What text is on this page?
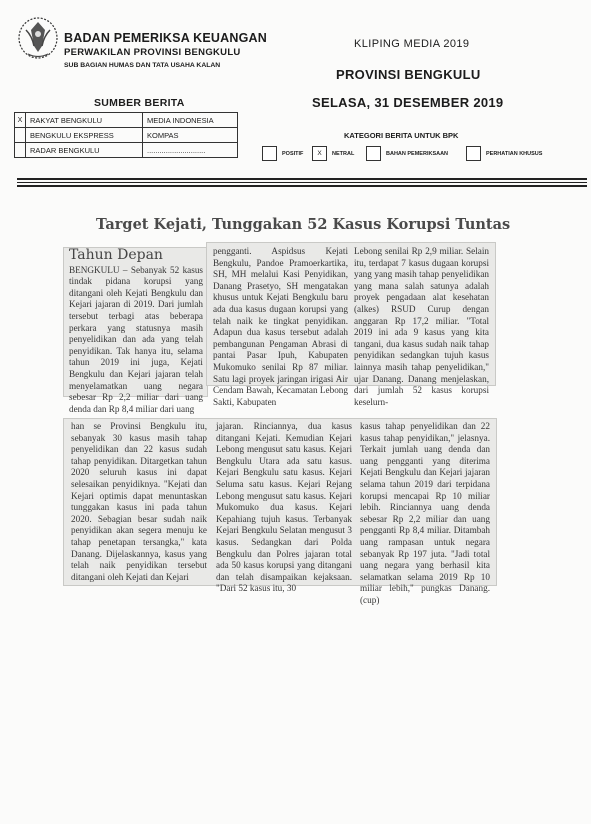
BADAN PEMERIKSA KEUANGAN
PERWAKILAN PROVINSI BENGKULU
SUB BAGIAN HUMAS DAN TATA USAHA KALAN
KLIPING MEDIA 2019
PROVINSI BENGKULU
SELASA, 31 DESEMBER 2019
SUMBER BERITA
X	RAKYAT BENGKULU	MEDIA INDONESIA
	BENGKULU EKSPRESS	KOMPAS
	RADAR BENGKULU	............................
KATEGORI BERITA UNTUK BPK
POSITIF	X	NETRAL	BAHAN PEMERIKSAAN	PERHATIAN KHUSUS
Target Kejati, Tunggakan 52 Kasus Korupsi Tuntas
Tahun Depan

BENGKULU – Sebanyak 52 kasus tindak pidana korupsi yang ditangani oleh Kejati Bengkulu dan Kejari jajaran di 2019. Dari jumlah tersebut terbagi atas beberapa perkara yang statusnya masih penyelidikan dan ada yang telah penyidikan. Tak hanya itu, selama tahun 2019 ini juga, Kejati Bengkulu dan Kejari jajaran telah menyelamatkan uang negara sebesar Rp 2,2 miliar dari uang denda dan Rp 8,4 miliar dari uang

pengganti. Aspidsus Kejati Bengkulu, Pandoe Pramoerkartika, SH, MH melalui Kasi Penyidikan, Danang Prasetyo, SH mengatakan khusus untuk Kejati Bengkulu baru ada dua kasus dugaan korupsi yang telah naik ke tingkat penyidikan. Adapun dua kasus tersebut adalah pembangunan Pengaman Abrasi di pantai Pasar Ipuh, Kabupaten Mukomuko senilai Rp 87 miliar. Satu lagi proyek jaringan irigasi Air Cendam Bawah, Kecamatan Lebong Sakti, Kabupaten

Lebong senilai Rp 2,9 miliar. Selain itu, terdapat 7 kasus dugaan korupsi yang yang masih tahap penyelidikan yang mana salah satunya adalah proyek pengadaan alat kesehatan (alkes) RSUD Curup dengan anggaran Rp 17,2 miliar. "Total 2019 ini ada 9 kasus yang kita tangani, dua kasus sudah naik tahap penyidikan sedangkan tujuh kasus lainnya masih tahap penyelidikan," ujar Danang. Danang menjelaskan, dari jumlah 52 kasus korupsi keselurn-

han se Provinsi Bengkulu itu, sebanyak 30 kasus masih tahap penyelidikan dan 22 kasus sudah tahap penyidikan. Ditargetkan tahun 2020 seluruh kasus ini dapat selesaikan penyidiknya. "Kejati dan Kejari optimis dapat menuntaskan tunggakan kasus ini pada tahun 2020. Sebagian besar sudah naik penyidikan akan segera menuju ke tahap penetapan tersangka," kata Danang. Dijelaskannya, kasus yang telah naik penyidikan tersebut ditangani oleh Kejati dan Kejari

jajaran. Rinciannya, dua kasus ditangani Kejati. Kemudian Kejari Lebong mengusut satu kasus. Kejari Bengkulu Utara ada satu kasus. Kejari Bengkulu satu kasus. Kejari Seluma satu kasus. Kejari Rejang Lebong mengusut satu kasus. Kejari Mukomuko dua kasus. Kejari Kepahiang tujuh kasus. Terbanyak Kejari Bengkulu Selatan mengusut 3 kasus. Sedangkan dari Polda Bengkulu dan Polres jajaran total ada 50 kasus korupsi yang ditangani dan telah disampaikan kejaksaan. "Dari 52 kasus itu, 30

kasus tahap penyelidikan dan 22 kasus tahap penyidikan," jelasnya. Terkait jumlah uang denda dan uang pengganti yang diterima Kejati Bengkulu dan Kejari jajaran selama tahun 2019 dari terpidana korupsi mencapai Rp 10 miliar lebih. Rinciannya uang denda sebesar Rp 2,2 miliar dan uang pengganti Rp 8,4 miliar. Ditambah uang rampasan untuk negara sebanyak Rp 197 juta. "Jadi total uang negara yang berhasil kita selamatkan selama 2019 Rp 10 miliar lebih," pungkas Danang.(cup)
